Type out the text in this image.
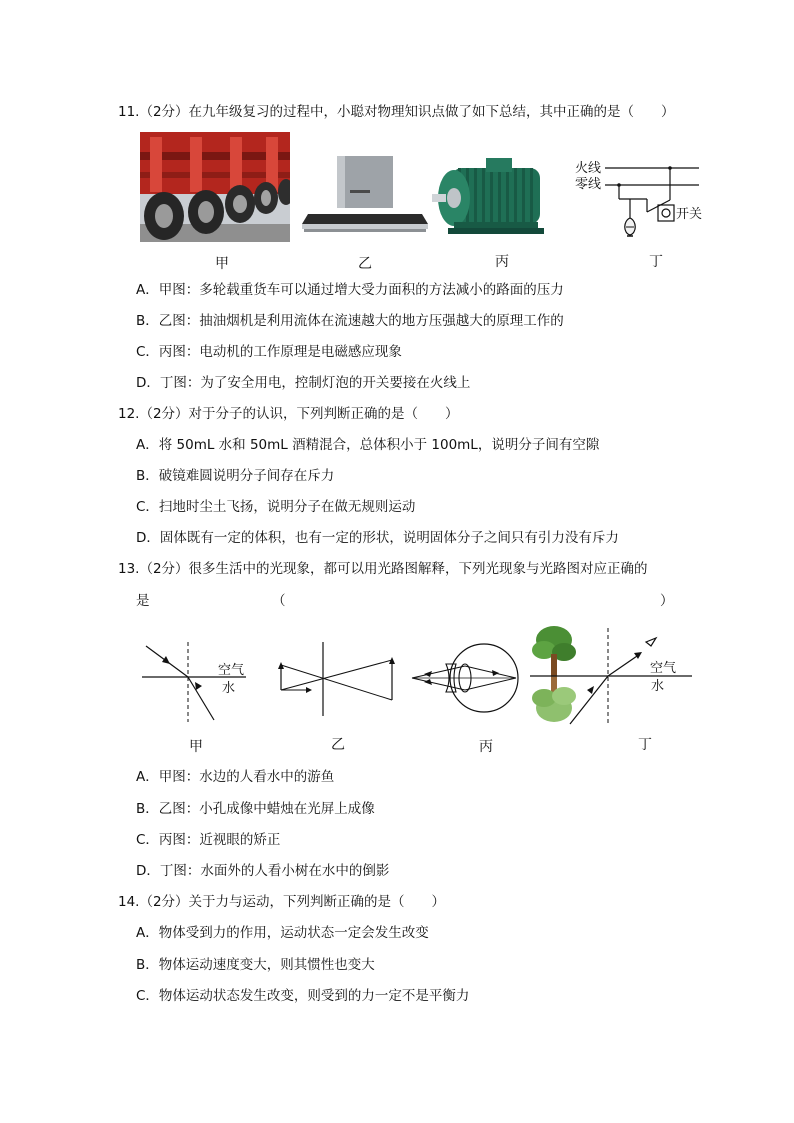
11.（2分）在九年级复习的过程中，小聪对物理知识点做了如下总结，其中正确的是（　　）
火线
零线
开关
甲	乙	丙	丁
A．甲图：多轮载重货车可以通过增大受力面积的方法减小的路面的压力
B．乙图：抽油烟机是利用流体在流速越大的地方压强越大的原理工作的
C．丙图：电动机的工作原理是电磁感应现象
D．丁图：为了安全用电，控制灯泡的开关要接在火线上
12.（2分）对于分子的认识，下列判断正确的是（　　）
A．将 50mL 水和 50mL 酒精混合，总体积小于 100mL，说明分子间有空隙
B．破镜难圆说明分子间存在斥力
C．扫地时尘土飞扬，说明分子在做无规则运动
D．固体既有一定的体积，也有一定的形状，说明固体分子之间只有引力没有斥力
13.（2分）很多生活中的光现象，都可以用光路图解释，下列光现象与光路图对应正确的
是	（	）
空气
水
空气
水
甲	乙	丙	丁
A．甲图：水边的人看水中的游鱼
B．乙图：小孔成像中蜡烛在光屏上成像
C．丙图：近视眼的矫正
D．丁图：水面外的人看小树在水中的倒影
14.（2分）关于力与运动，下列判断正确的是（　　）
A．物体受到力的作用，运动状态一定会发生改变
B．物体运动速度变大，则其惯性也变大
C．物体运动状态发生改变，则受到的力一定不是平衡力
